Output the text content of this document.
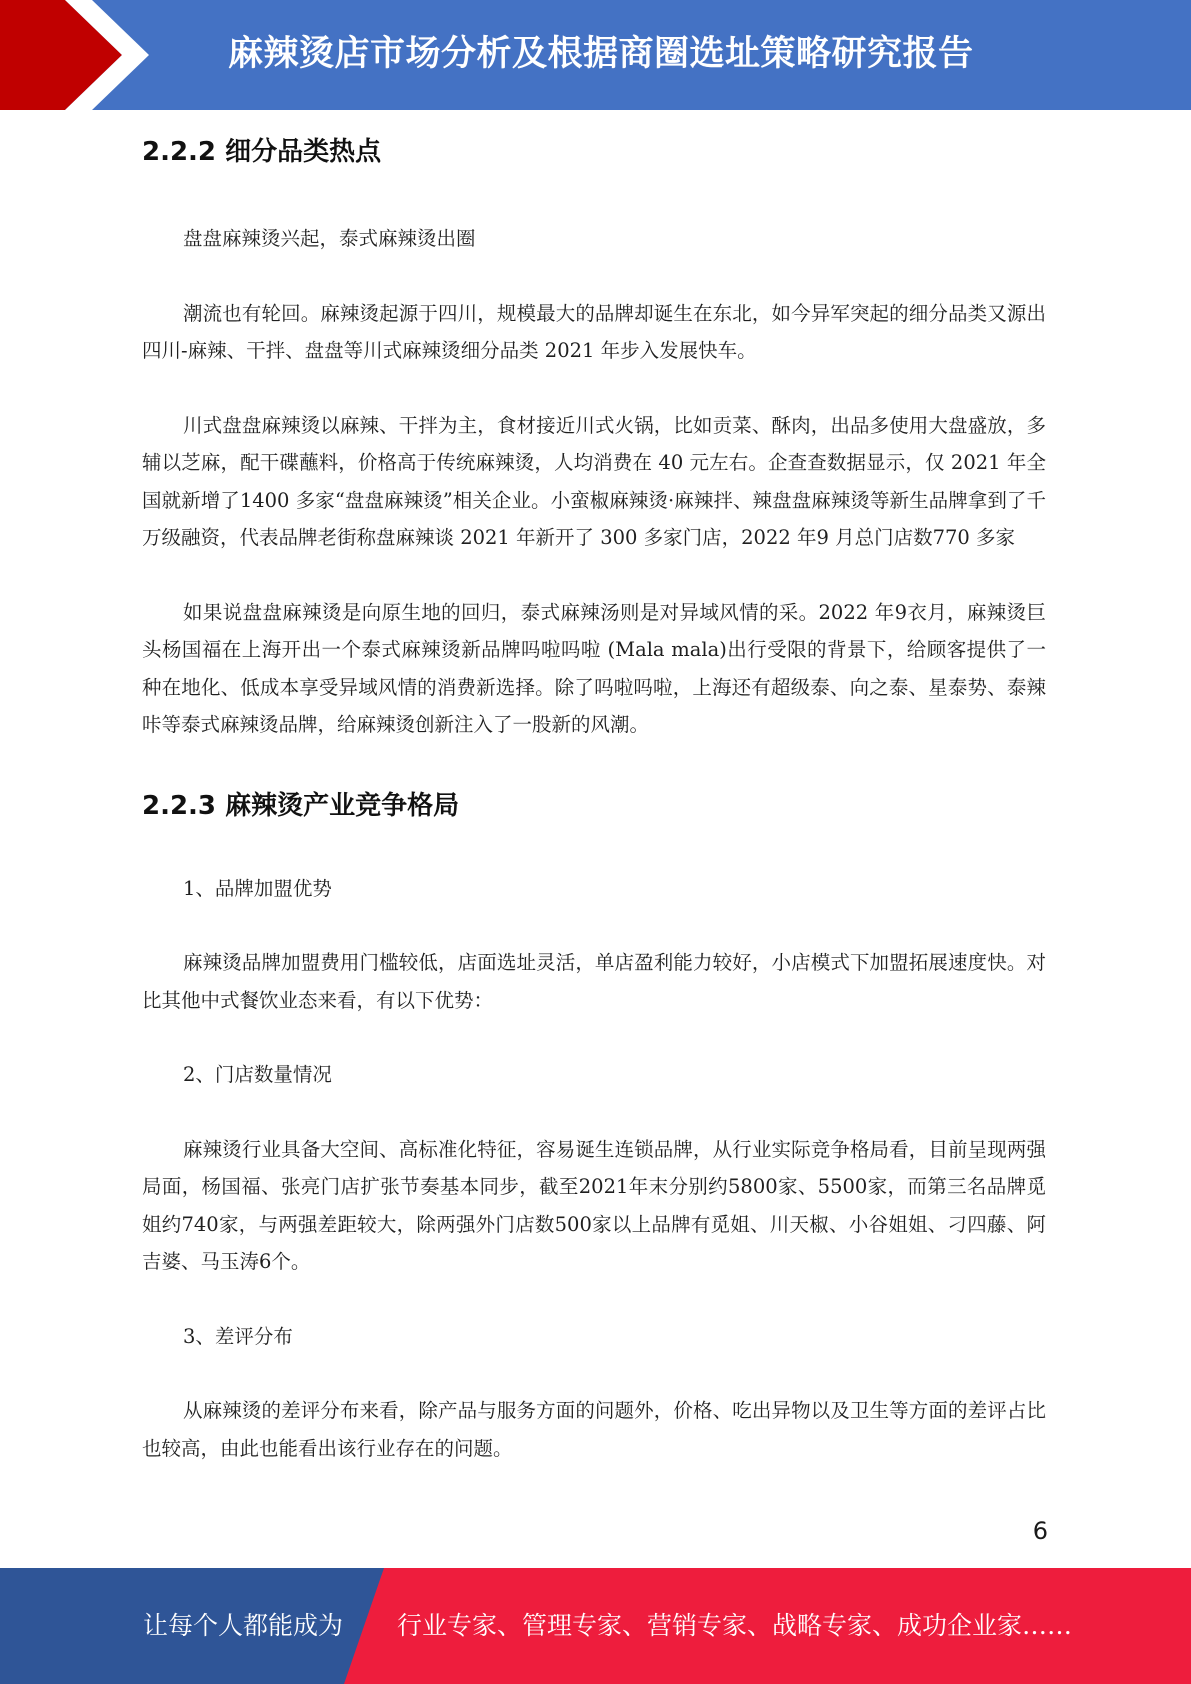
麻辣烫店市场分析及根据商圈选址策略研究报告
2.2.2 细分品类热点

盘盘麻辣烫兴起，泰式麻辣烫出圈

潮流也有轮回。麻辣烫起源于四川，规模最大的品牌却诞生在东北，如今异军突起的细分品类又源出四川-麻辣、干拌、盘盘等川式麻辣烫细分品类 2021 年步入发展快车。

川式盘盘麻辣烫以麻辣、干拌为主，食材接近川式火锅，比如贡菜、酥肉，出品多使用大盘盛放，多辅以芝麻，配干碟蘸料，价格高于传统麻辣烫，人均消费在 40 元左右。企查查数据显示，仅 2021 年全国就新增了1400 多家“盘盘麻辣烫”相关企业。小蛮椒麻辣烫·麻辣拌、辣盘盘麻辣烫等新生品牌拿到了千万级融资，代表品牌老街称盘麻辣谈 2021 年新开了 300 多家门店，2022 年9 月总门店数770 多家

如果说盘盘麻辣烫是向原生地的回归，泰式麻辣汤则是对异域风情的采。2022 年9衣月，麻辣烫巨头杨国福在上海开出一个泰式麻辣烫新品牌吗啦吗啦 (Mala mala)出行受限的背景下，给顾客提供了一种在地化、低成本享受异域风情的消费新选择。除了吗啦吗啦，上海还有超级泰、向之泰、星泰势、泰辣咔等泰式麻辣烫品牌，给麻辣烫创新注入了一股新的风潮。

2.2.3 麻辣烫产业竞争格局

1、品牌加盟优势

麻辣烫品牌加盟费用门槛较低，店面选址灵活，单店盈利能力较好，小店模式下加盟拓展速度快。对比其他中式餐饮业态来看，有以下优势：

2、门店数量情况

麻辣烫行业具备大空间、高标准化特征，容易诞生连锁品牌，从行业实际竞争格局看，目前呈现两强局面，杨国福、张亮门店扩张节奏基本同步，截至2021年末分别约5800家、5500家，而第三名品牌觅姐约740家，与两强差距较大，除两强外门店数500家以上品牌有觅姐、川天椒、小谷姐姐、刁四藤、阿吉婆、马玉涛6个。

3、差评分布

从麻辣烫的差评分布来看，除产品与服务方面的问题外，价格、吃出异物以及卫生等方面的差评占比也较高，由此也能看出该行业存在的问题。

6
让每个人都能成为 行业专家、管理专家、营销专家、战略专家、成功企业家……
